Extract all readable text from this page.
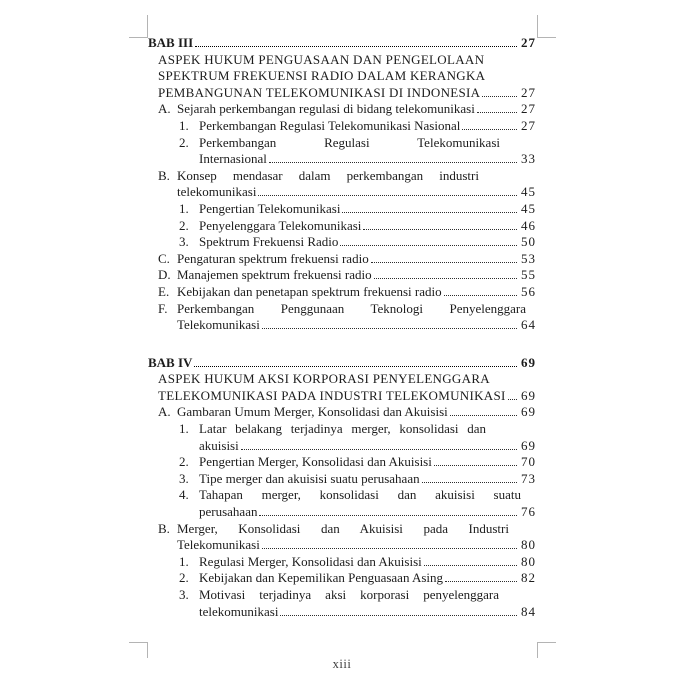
BAB III	27
ASPEK HUKUM PENGUASAAN DAN PENGELOLAAN
SPEKTRUM FREKUENSI RADIO DALAM KERANGKA
PEMBANGUNAN TELEKOMUNIKASI DI INDONESIA	27
A. Sejarah perkembangan regulasi di bidang telekomunikasi	27
1. Perkembangan Regulasi Telekomunikasi Nasional	27
2. Perkembangan Regulasi Telekomunikasi
Internasional	33
B. Konsep mendasar dalam perkembangan industri
telekomunikasi	45
1. Pengertian Telekomunikasi	45
2. Penyelenggara Telekomunikasi	46
3. Spektrum Frekuensi Radio	50
C. Pengaturan spektrum frekuensi radio	53
D. Manajemen spektrum frekuensi radio	55
E. Kebijakan dan penetapan spektrum frekuensi radio	56
F. Perkembangan Penggunaan Teknologi Penyelenggara
Telekomunikasi	64
BAB IV	69
ASPEK HUKUM AKSI KORPORASI PENYELENGGARA
TELEKOMUNIKASI PADA INDUSTRI TELEKOMUNIKASI 69
A. Gambaran Umum Merger, Konsolidasi dan Akuisisi	69
1. Latar belakang terjadinya merger, konsolidasi dan
akuisisi	69
2. Pengertian Merger, Konsolidasi dan Akuisisi	70
3. Tipe merger dan akuisisi suatu perusahaan	73
4. Tahapan merger, konsolidasi dan akuisisi suatu
perusahaan	76
B. Merger, Konsolidasi dan Akuisisi pada Industri
Telekomunikasi	80
1. Regulasi Merger, Konsolidasi dan Akuisisi	80
2. Kebijakan dan Kepemilikan Penguasaan Asing	82
3. Motivasi terjadinya aksi korporasi penyelenggara
telekomunikasi	84
xiii
